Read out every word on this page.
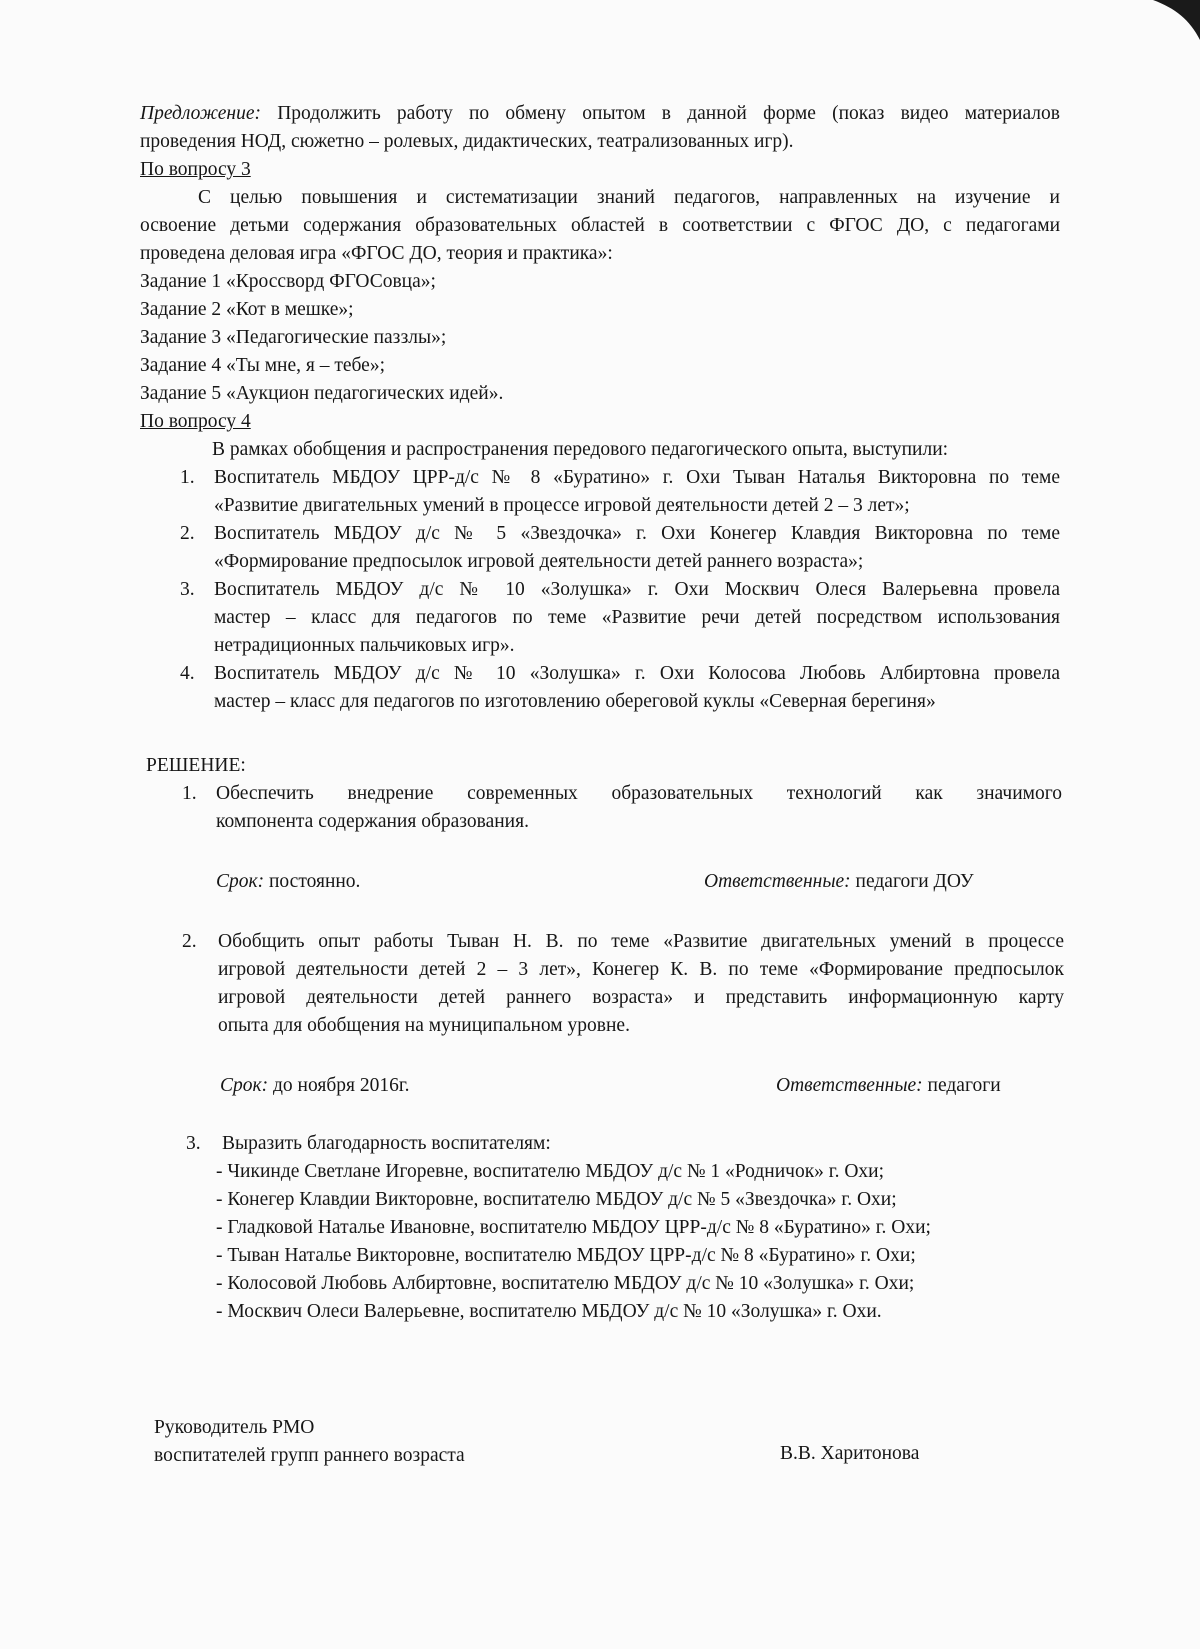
Предложение: Продолжить работу по обмену опытом в данной форме (показ видео материалов

проведения НОД, сюжетно – ролевых, дидактических, театрализованных игр).

По вопросу 3

С целью повышения и систематизации знаний педагогов, направленных на изучение и

освоение детьми содержания образовательных областей в соответствии с ФГОС ДО, с педагогами

проведена деловая игра «ФГОС ДО, теория и практика»:

Задание 1 «Кроссворд ФГОСовца»;

Задание 2 «Кот в мешке»;

Задание 3 «Педагогические паззлы»;

Задание 4 «Ты мне, я – тебе»;

Задание 5 «Аукцион педагогических идей».

По вопросу 4

В рамках обобщения и распространения передового педагогического опыта, выступили:

1. Воспитатель МБДОУ ЦРР-д/с № 8 «Буратино» г. Охи Тыван Наталья Викторовна по теме

«Развитие двигательных умений в процессе игровой деятельности детей 2 – 3 лет»;

2. Воспитатель МБДОУ д/с № 5 «Звездочка» г. Охи Конегер Клавдия Викторовна по теме

«Формирование предпосылок игровой деятельности детей раннего возраста»;

3. Воспитатель МБДОУ д/с № 10 «Золушка» г. Охи Москвич Олеся Валерьевна провела

мастер – класс для педагогов по теме «Развитие речи детей посредством использования

нетрадиционных пальчиковых игр».

4. Воспитатель МБДОУ д/с № 10 «Золушка» г. Охи Колосова Любовь Албиртовна провела

мастер – класс для педагогов по изготовлению обереговой куклы «Северная берегиня»

РЕШЕНИЕ:

1. Обеспечить внедрение современных образовательных технологий как значимого

компонента содержания образования.

Срок: постоянно.	Ответственные: педагоги ДОУ

2. Обобщить опыт работы Тыван Н. В. по теме «Развитие двигательных умений в процессе

игровой деятельности детей 2 – 3 лет», Конегер К. В. по теме «Формирование предпосылок

игровой деятельности детей раннего возраста» и представить информационную карту

опыта для обобщения на муниципальном уровне.

Срок: до ноября 2016г.	Ответственные: педагоги

3. Выразить благодарность воспитателям:

- Чикинде Светлане Игоревне, воспитателю МБДОУ д/с № 1 «Родничок» г. Охи;

- Конегер Клавдии Викторовне, воспитателю МБДОУ д/с № 5 «Звездочка» г. Охи;

- Гладковой Наталье Ивановне, воспитателю МБДОУ ЦРР-д/с № 8 «Буратино» г. Охи;

- Тыван Наталье Викторовне, воспитателю МБДОУ ЦРР-д/с № 8 «Буратино» г. Охи;

- Колосовой Любовь Албиртовне, воспитателю МБДОУ д/с № 10 «Золушка» г. Охи;

- Москвич Олеси Валерьевне, воспитателю МБДОУ д/с № 10 «Золушка» г. Охи.

Руководитель РМО

воспитателей групп раннего возраста	В.В. Харитонова
